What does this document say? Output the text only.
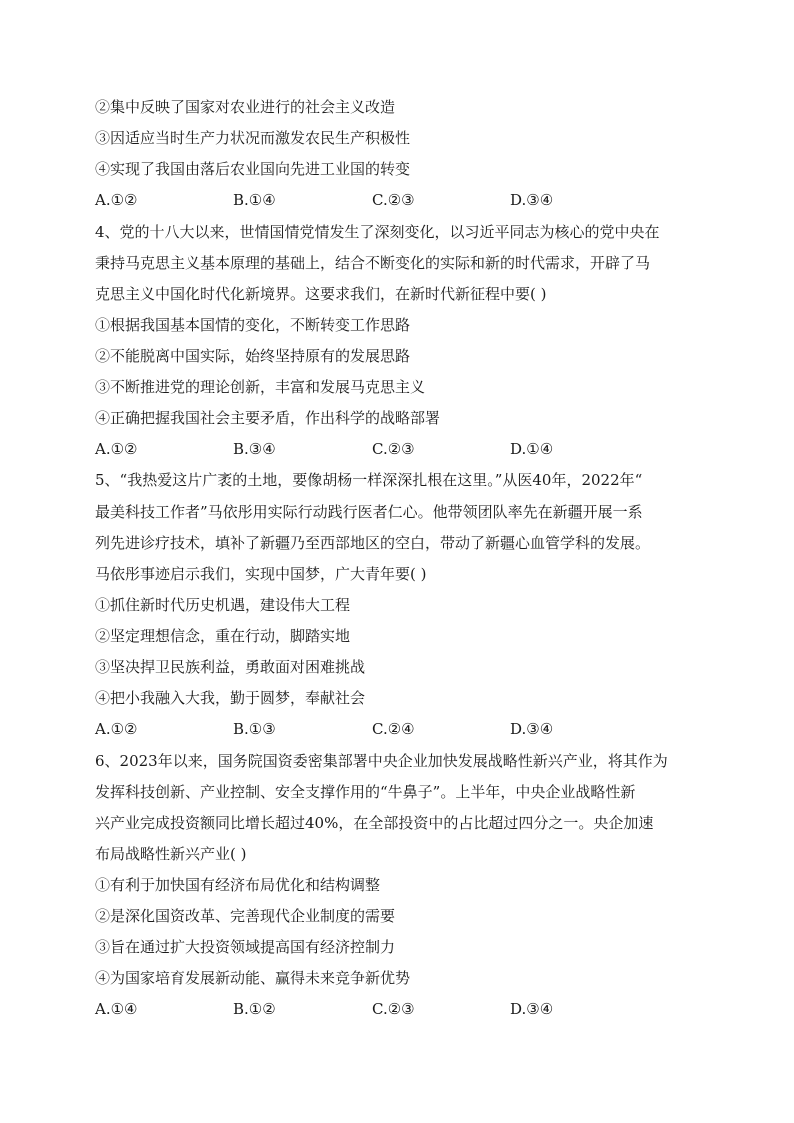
②集中反映了国家对农业进行的社会主义改造
③因适应当时生产力状况而激发农民生产积极性
④实现了我国由落后农业国向先进工业国的转变
A.①②	B.①④	C.②③	D.③④
4、党的十八大以来，世情国情党情发生了深刻变化，以习近平同志为核心的党中央在
秉持马克思主义基本原理的基础上，结合不断变化的实际和新的时代需求，开辟了马
克思主义中国化时代化新境界。这要求我们，在新时代新征程中要( )
①根据我国基本国情的变化，不断转变工作思路
②不能脱离中国实际，始终坚持原有的发展思路
③不断推进党的理论创新，丰富和发展马克思主义
④正确把握我国社会主要矛盾，作出科学的战略部署
A.①②	B.③④	C.②③	D.①④
5、“我热爱这片广袤的土地，要像胡杨一样深深扎根在这里。”从医40年，2022年“
最美科技工作者”马依彤用实际行动践行医者仁心。他带领团队率先在新疆开展一系
列先进诊疗技术，填补了新疆乃至西部地区的空白，带动了新疆心血管学科的发展。
马依彤事迹启示我们，实现中国梦，广大青年要( )
①抓住新时代历史机遇，建设伟大工程
②坚定理想信念，重在行动，脚踏实地
③坚决捍卫民族利益，勇敢面对困难挑战
④把小我融入大我，勤于圆梦，奉献社会
A.①②	B.①③	C.②④	D.③④
6、2023年以来，国务院国资委密集部署中央企业加快发展战略性新兴产业，将其作为
发挥科技创新、产业控制、安全支撑作用的“牛鼻子”。上半年，中央企业战略性新
兴产业完成投资额同比增长超过40%，在全部投资中的占比超过四分之一。央企加速
布局战略性新兴产业( )
①有利于加快国有经济布局优化和结构调整
②是深化国资改革、完善现代企业制度的需要
③旨在通过扩大投资领域提高国有经济控制力
④为国家培育发展新动能、赢得未来竞争新优势
A.①④	B.①②	C.②③	D.③④
